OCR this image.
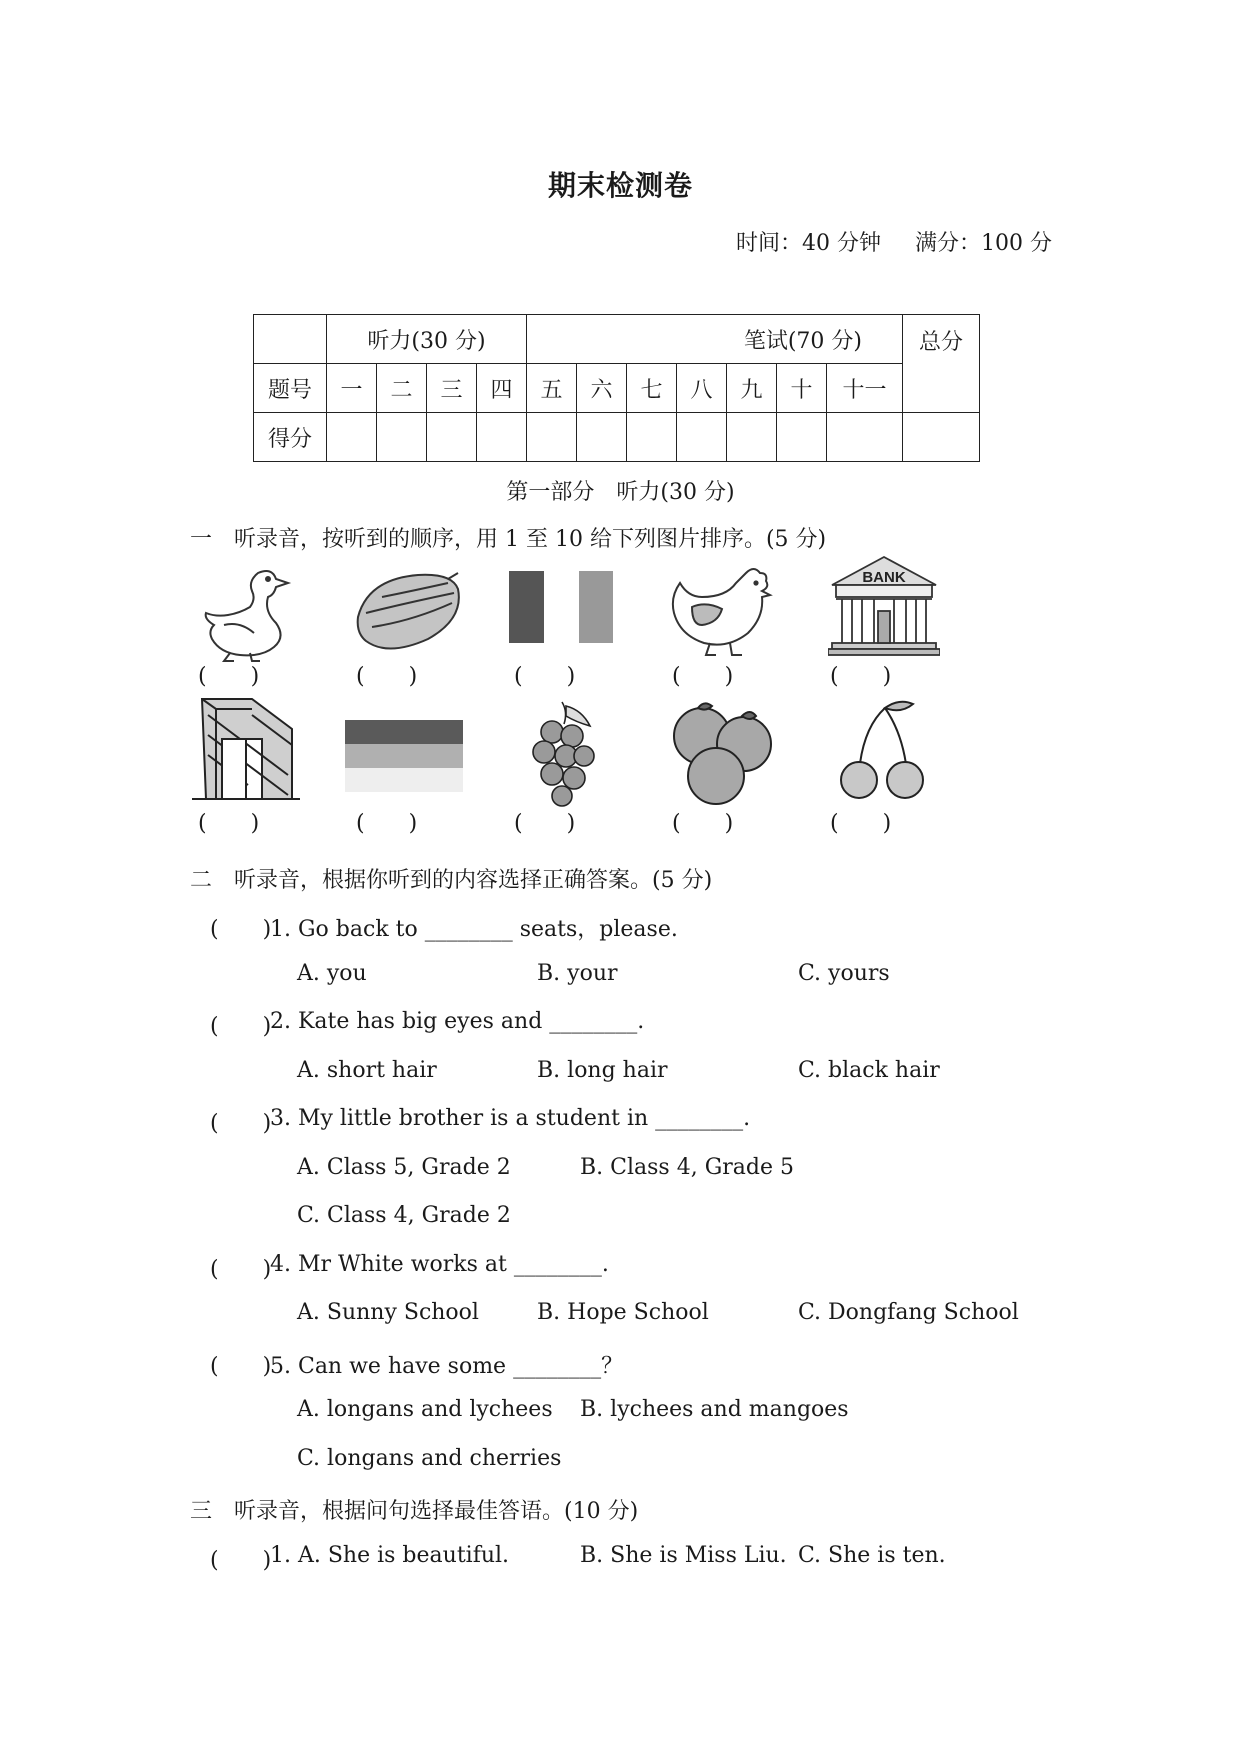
期末检测卷
时间：40 分钟 满分：100 分
	听力(30 分)				笔试(70 分)							总分
题号	一	二	三	四	五	六	七	八	九	十	十一	
得分												
第一部分　听力(30 分)
一　听录音，按听到的顺序，用 1 至 10 给下列图片排序。(5 分)
BANK
(　　)	(　　)	(　　)	(　　)	(　　)
(　　)	(　　)	(　　)	(　　)	(　　)
二　听录音，根据你听到的内容选择正确答案。(5 分)
(　　)
1. Go back to ________ seats，please.
A. you	B. your	C. yours
(　　)
2. Kate has big eyes and ________.
A. short hair	B. long hair	C. black hair
(　　)
3. My little brother is a student in ________.
A. Class 5, Grade 2	B. Class 4, Grade 5
C. Class 4, Grade 2
(　　)
4. Mr White works at ________.
A. Sunny School	B. Hope School	C. Dongfang School
(　　)
5. Can we have some ________？
A. longans and lychees B. lychees and mangoes
C. longans and cherries
三　听录音，根据问句选择最佳答语。(10 分)
(　　)
1. A. She is beautiful.	B. She is Miss Liu. C. She is ten.
